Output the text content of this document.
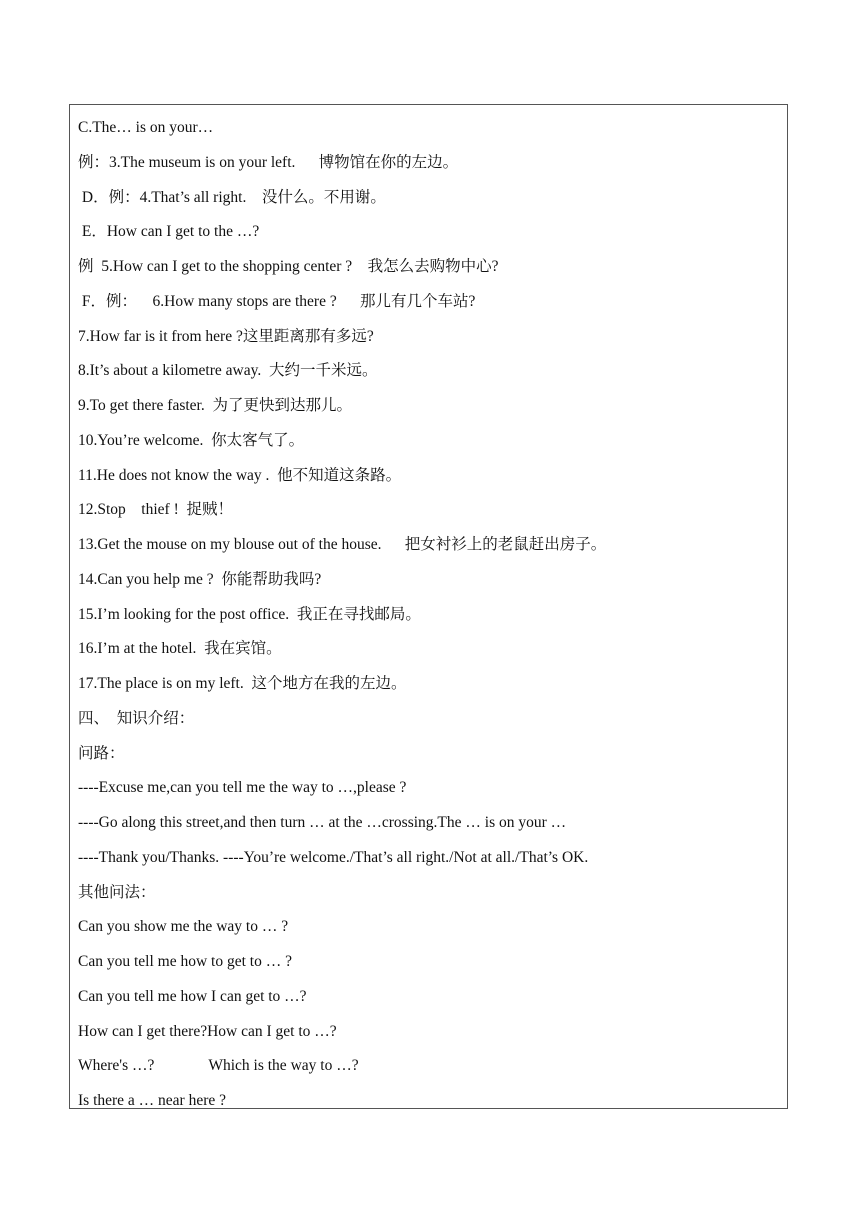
C.The… is on your…
例：3.The museum is on your left.      博物馆在你的左边。
D．例：4.That’s all right.    没什么。不用谢。
E．How can I get to the …?
例  5.How can I get to the shopping center ?    我怎么去购物中心?
F．例：    6.How many stops are there ?      那儿有几个车站?
7.How far is it from here ?这里距离那有多远?
8.It’s about a kilometre away.  大约一千米远。
9.To get there faster.  为了更快到达那儿。
10.You’re welcome.  你太客气了。
11.He does not know the way .  他不知道这条路。
12.Stop    thief !  捉贼！
13.Get the mouse on my blouse out of the house.      把女衬衫上的老鼠赶出房子。
14.Can you help me ?  你能帮助我吗?
15.I’m looking for the post office.  我正在寻找邮局。
16.I’m at the hotel.  我在宾馆。
17.The place is on my left.  这个地方在我的左边。
四、  知识介绍：
问路：
----Excuse me,can you tell me the way to …,please ?
----Go along this street,and then turn … at the …crossing.The … is on your …
----Thank you/Thanks. ----You’re welcome./That’s all right./Not at all./That’s OK.
其他问法：
Can you show me the way to … ?
Can you tell me how to get to … ?
Can you tell me how I can get to …?
How can I get there?How can I get to …?
Where's …?              Which is the way to …?
Is there a … near here ?
